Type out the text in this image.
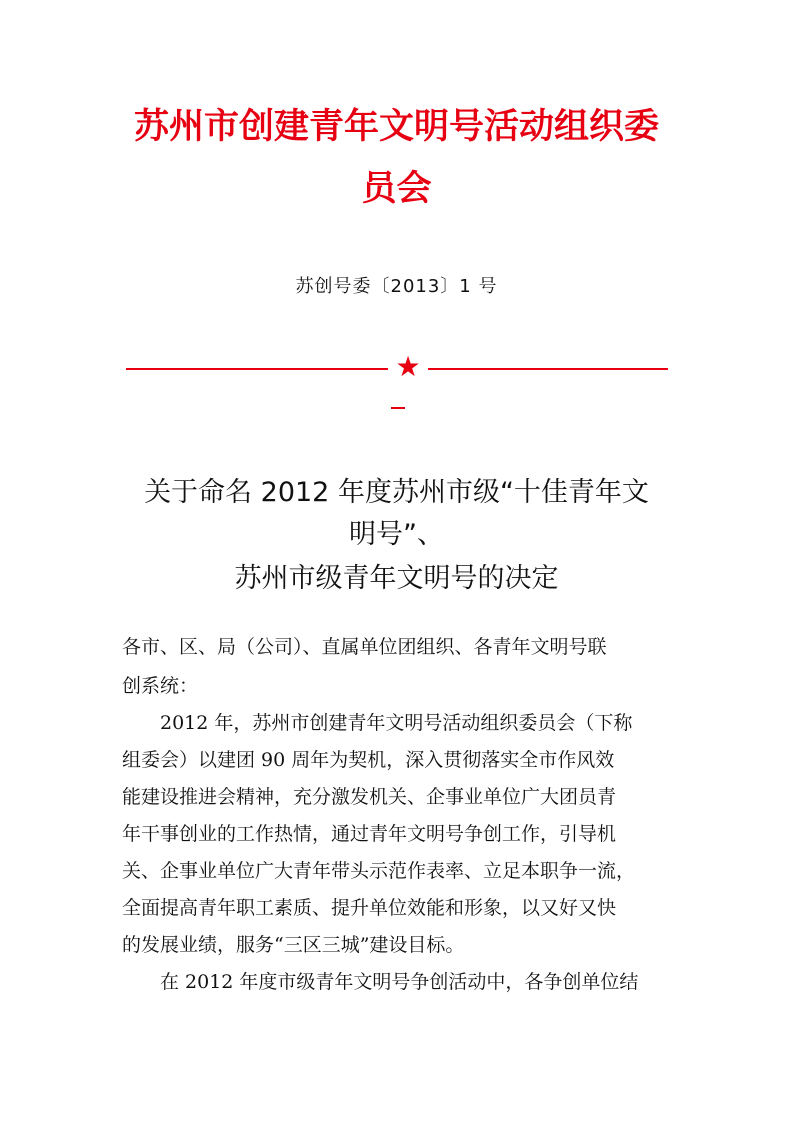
苏州市创建青年文明号活动组织委
员会
苏创号委〔2013〕1 号
★
关于命名 2012 年度苏州市级“十佳青年文
明号”、
苏州市级青年文明号的决定
各市、区、局（公司）、直属单位团组织、各青年文明号联
创系统：
2012 年，苏州市创建青年文明号活动组织委员会（下称
组委会）以建团 90 周年为契机，深入贯彻落实全市作风效
能建设推进会精神，充分激发机关、企事业单位广大团员青
年干事创业的工作热情，通过青年文明号争创工作，引导机
关、企事业单位广大青年带头示范作表率、立足本职争一流，
全面提高青年职工素质、提升单位效能和形象，以又好又快
的发展业绩，服务“三区三城”建设目标。
在 2012 年度市级青年文明号争创活动中，各争创单位结
